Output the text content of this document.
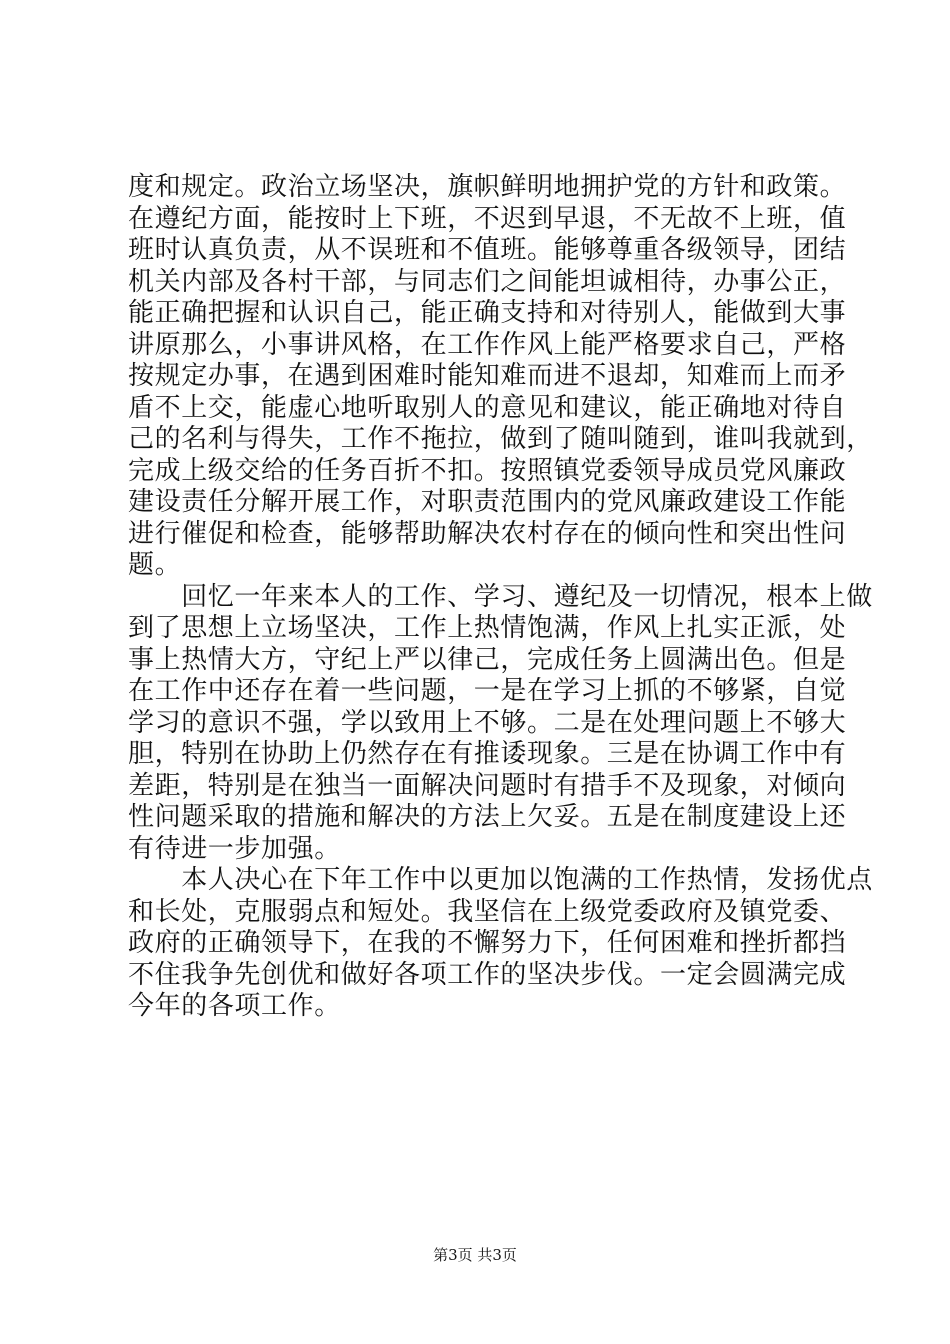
度和规定。政治立场坚决，旗帜鲜明地拥护党的方针和政策。
在遵纪方面，能按时上下班，不迟到早退，不无故不上班，值
班时认真负责，从不误班和不值班。能够尊重各级领导，团结
机关内部及各村干部，与同志们之间能坦诚相待，办事公正，
能正确把握和认识自己，能正确支持和对待别人，能做到大事
讲原那么，小事讲风格，在工作作风上能严格要求自己，严格
按规定办事，在遇到困难时能知难而进不退却，知难而上而矛
盾不上交，能虚心地听取别人的意见和建议，能正确地对待自
己的名利与得失，工作不拖拉，做到了随叫随到，谁叫我就到，
完成上级交给的任务百折不扣。按照镇党委领导成员党风廉政
建设责任分解开展工作，对职责范围内的党风廉政建设工作能
进行催促和检查，能够帮助解决农村存在的倾向性和突出性问
题。
　　回忆一年来本人的工作、学习、遵纪及一切情况，根本上做
到了思想上立场坚决，工作上热情饱满，作风上扎实正派，处
事上热情大方，守纪上严以律己，完成任务上圆满出色。但是
在工作中还存在着一些问题，一是在学习上抓的不够紧，自觉
学习的意识不强，学以致用上不够。二是在处理问题上不够大
胆，特别在协助上仍然存在有推诿现象。三是在协调工作中有
差距，特别是在独当一面解决问题时有措手不及现象，对倾向
性问题采取的措施和解决的方法上欠妥。五是在制度建设上还
有待进一步加强。
　　本人决心在下年工作中以更加以饱满的工作热情，发扬优点
和长处，克服弱点和短处。我坚信在上级党委政府及镇党委、
政府的正确领导下，在我的不懈努力下，任何困难和挫折都挡
不住我争先创优和做好各项工作的坚决步伐。一定会圆满完成
今年的各项工作。
第3页 共3页
